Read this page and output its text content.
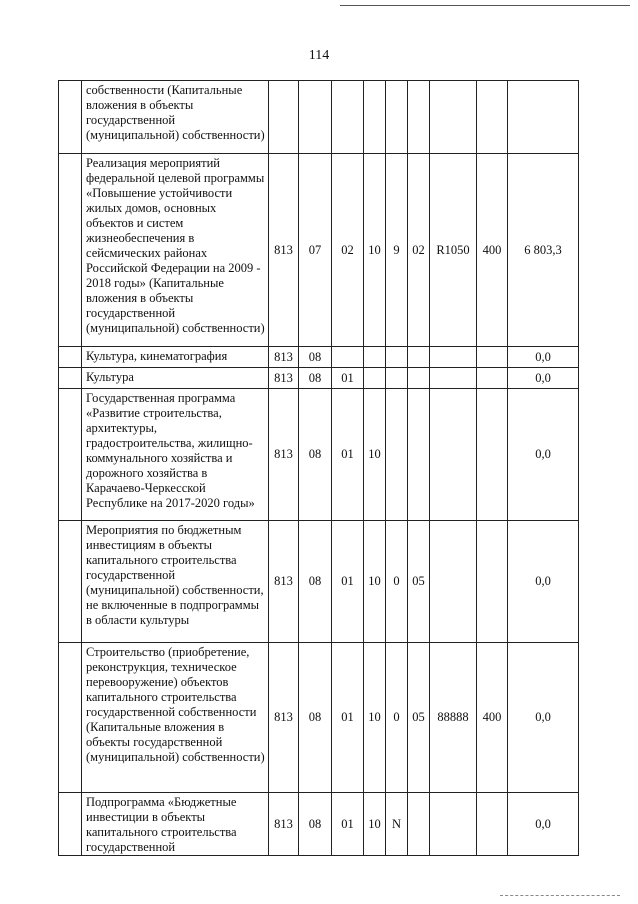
114
	собственности (Капитальные вложения в объекты государственной (муниципальной) собственности)									
	Реализация мероприятий федеральной целевой программы «Повышение устойчивости жилых домов, основных объектов и систем жизнеобеспечения в сейсмических районах Российской Федерации на 2009 - 2018 годы» (Капитальные вложения в объекты государственной (муниципальной) собственности)	813	07	02	10	9	02	R1050	400	6 803,3
	Культура, кинематография	813	08							0,0
	Культура	813	08	01						0,0
	Государственная программа «Развитие строительства, архитектуры, градостроительства, жилищно-коммунального хозяйства и дорожного хозяйства в Карачаево-Черкесской Республике на 2017-2020 годы»	813	08	01	10					0,0
	Мероприятия по бюджетным инвестициям в объекты капитального строительства государственной (муниципальной) собственности, не включенные в подпрограммы в области культуры	813	08	01	10	0	05			0,0
	Строительство (приобретение, реконструкция, техническое перевооружение) объектов капитального строительства государственной собственности (Капитальные вложения в объекты государственной (муниципальной) собственности)	813	08	01	10	0	05	88888	400	0,0
	Подпрограмма «Бюджетные инвестиции в объекты капитального строительства государственной	813	08	01	10	N				0,0
